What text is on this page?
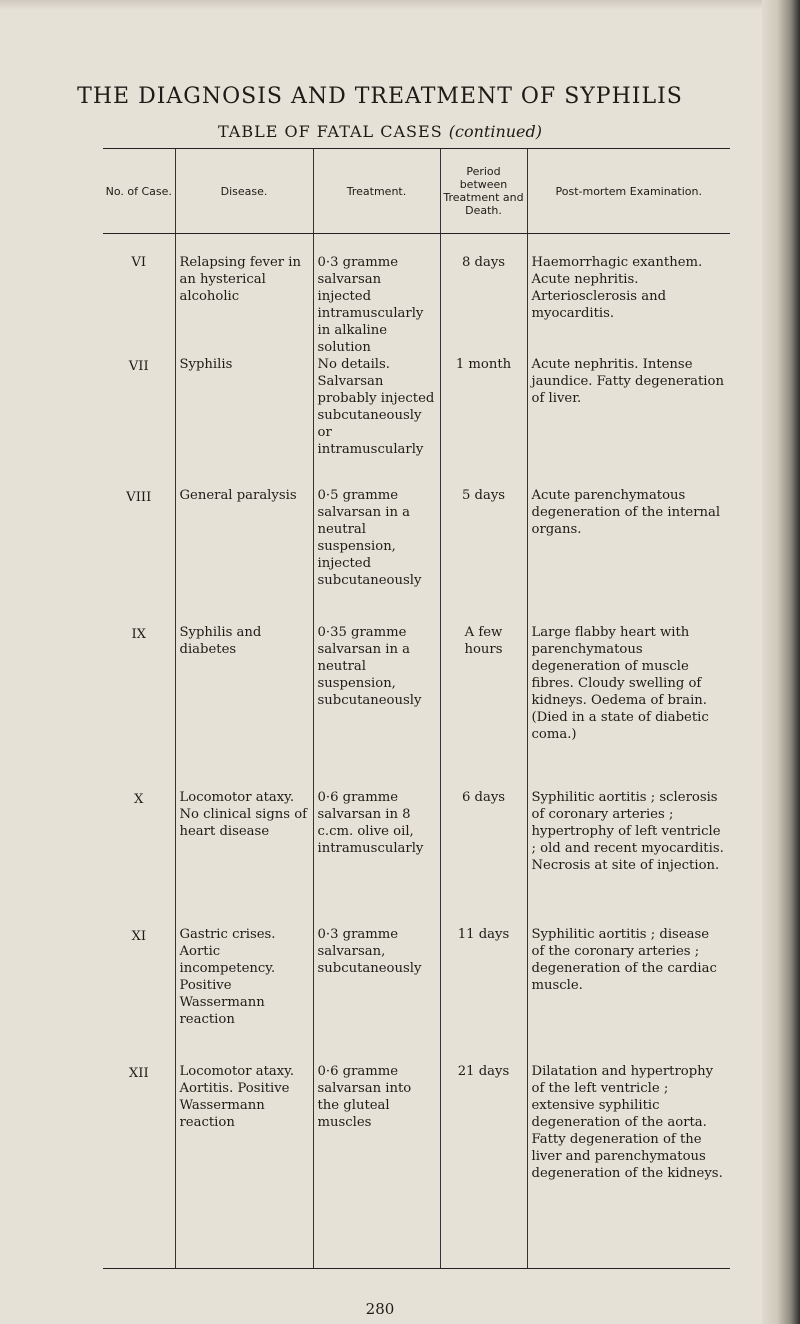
THE DIAGNOSIS AND TREATMENT OF SYPHILIS
TABLE OF FATAL CASES (continued)
No. of Case.	Disease.	Treatment.	Period between Treatment and Death.	Post-mortem Examination.
VI	Relapsing fever in an hysterical alcoholic	0·3 gramme salvarsan injected intramuscularly in alkaline solution	8 days	Haemorrhagic exanthem. Acute nephritis. Arteriosclerosis and myocarditis.
VII	Syphilis	No details. Salvarsan probably injected subcutaneously or intramuscularly	1 month	Acute nephritis. Intense jaundice. Fatty degeneration of liver.
VIII	General paralysis	0·5 gramme salvarsan in a neutral suspension, injected subcutaneously	5 days	Acute parenchymatous degeneration of the internal organs.
IX	Syphilis and diabetes	0·35 gramme salvarsan in a neutral suspension, subcutaneously	A few hours	Large flabby heart with parenchymatous degeneration of muscle fibres. Cloudy swelling of kidneys. Oedema of brain. (Died in a state of diabetic coma.)
X	Locomotor ataxy. No clinical signs of heart disease	0·6 gramme salvarsan in 8 c.cm. olive oil, intramuscularly	6 days	Syphilitic aortitis ; sclerosis of coronary arteries ; hypertrophy of left ventricle ; old and recent myocarditis. Necrosis at site of injection.
XI	Gastric crises. Aortic incompetency. Positive Wassermann reaction	0·3 gramme salvarsan, subcutaneously	11 days	Syphilitic aortitis ; disease of the coronary arteries ; degeneration of the cardiac muscle.
XII	Locomotor ataxy. Aortitis. Positive Wassermann reaction	0·6 gramme salvarsan into the gluteal muscles	21 days	Dilatation and hypertrophy of the left ventricle ; extensive syphilitic degeneration of the aorta. Fatty degeneration of the liver and parenchymatous degeneration of the kidneys.
280
